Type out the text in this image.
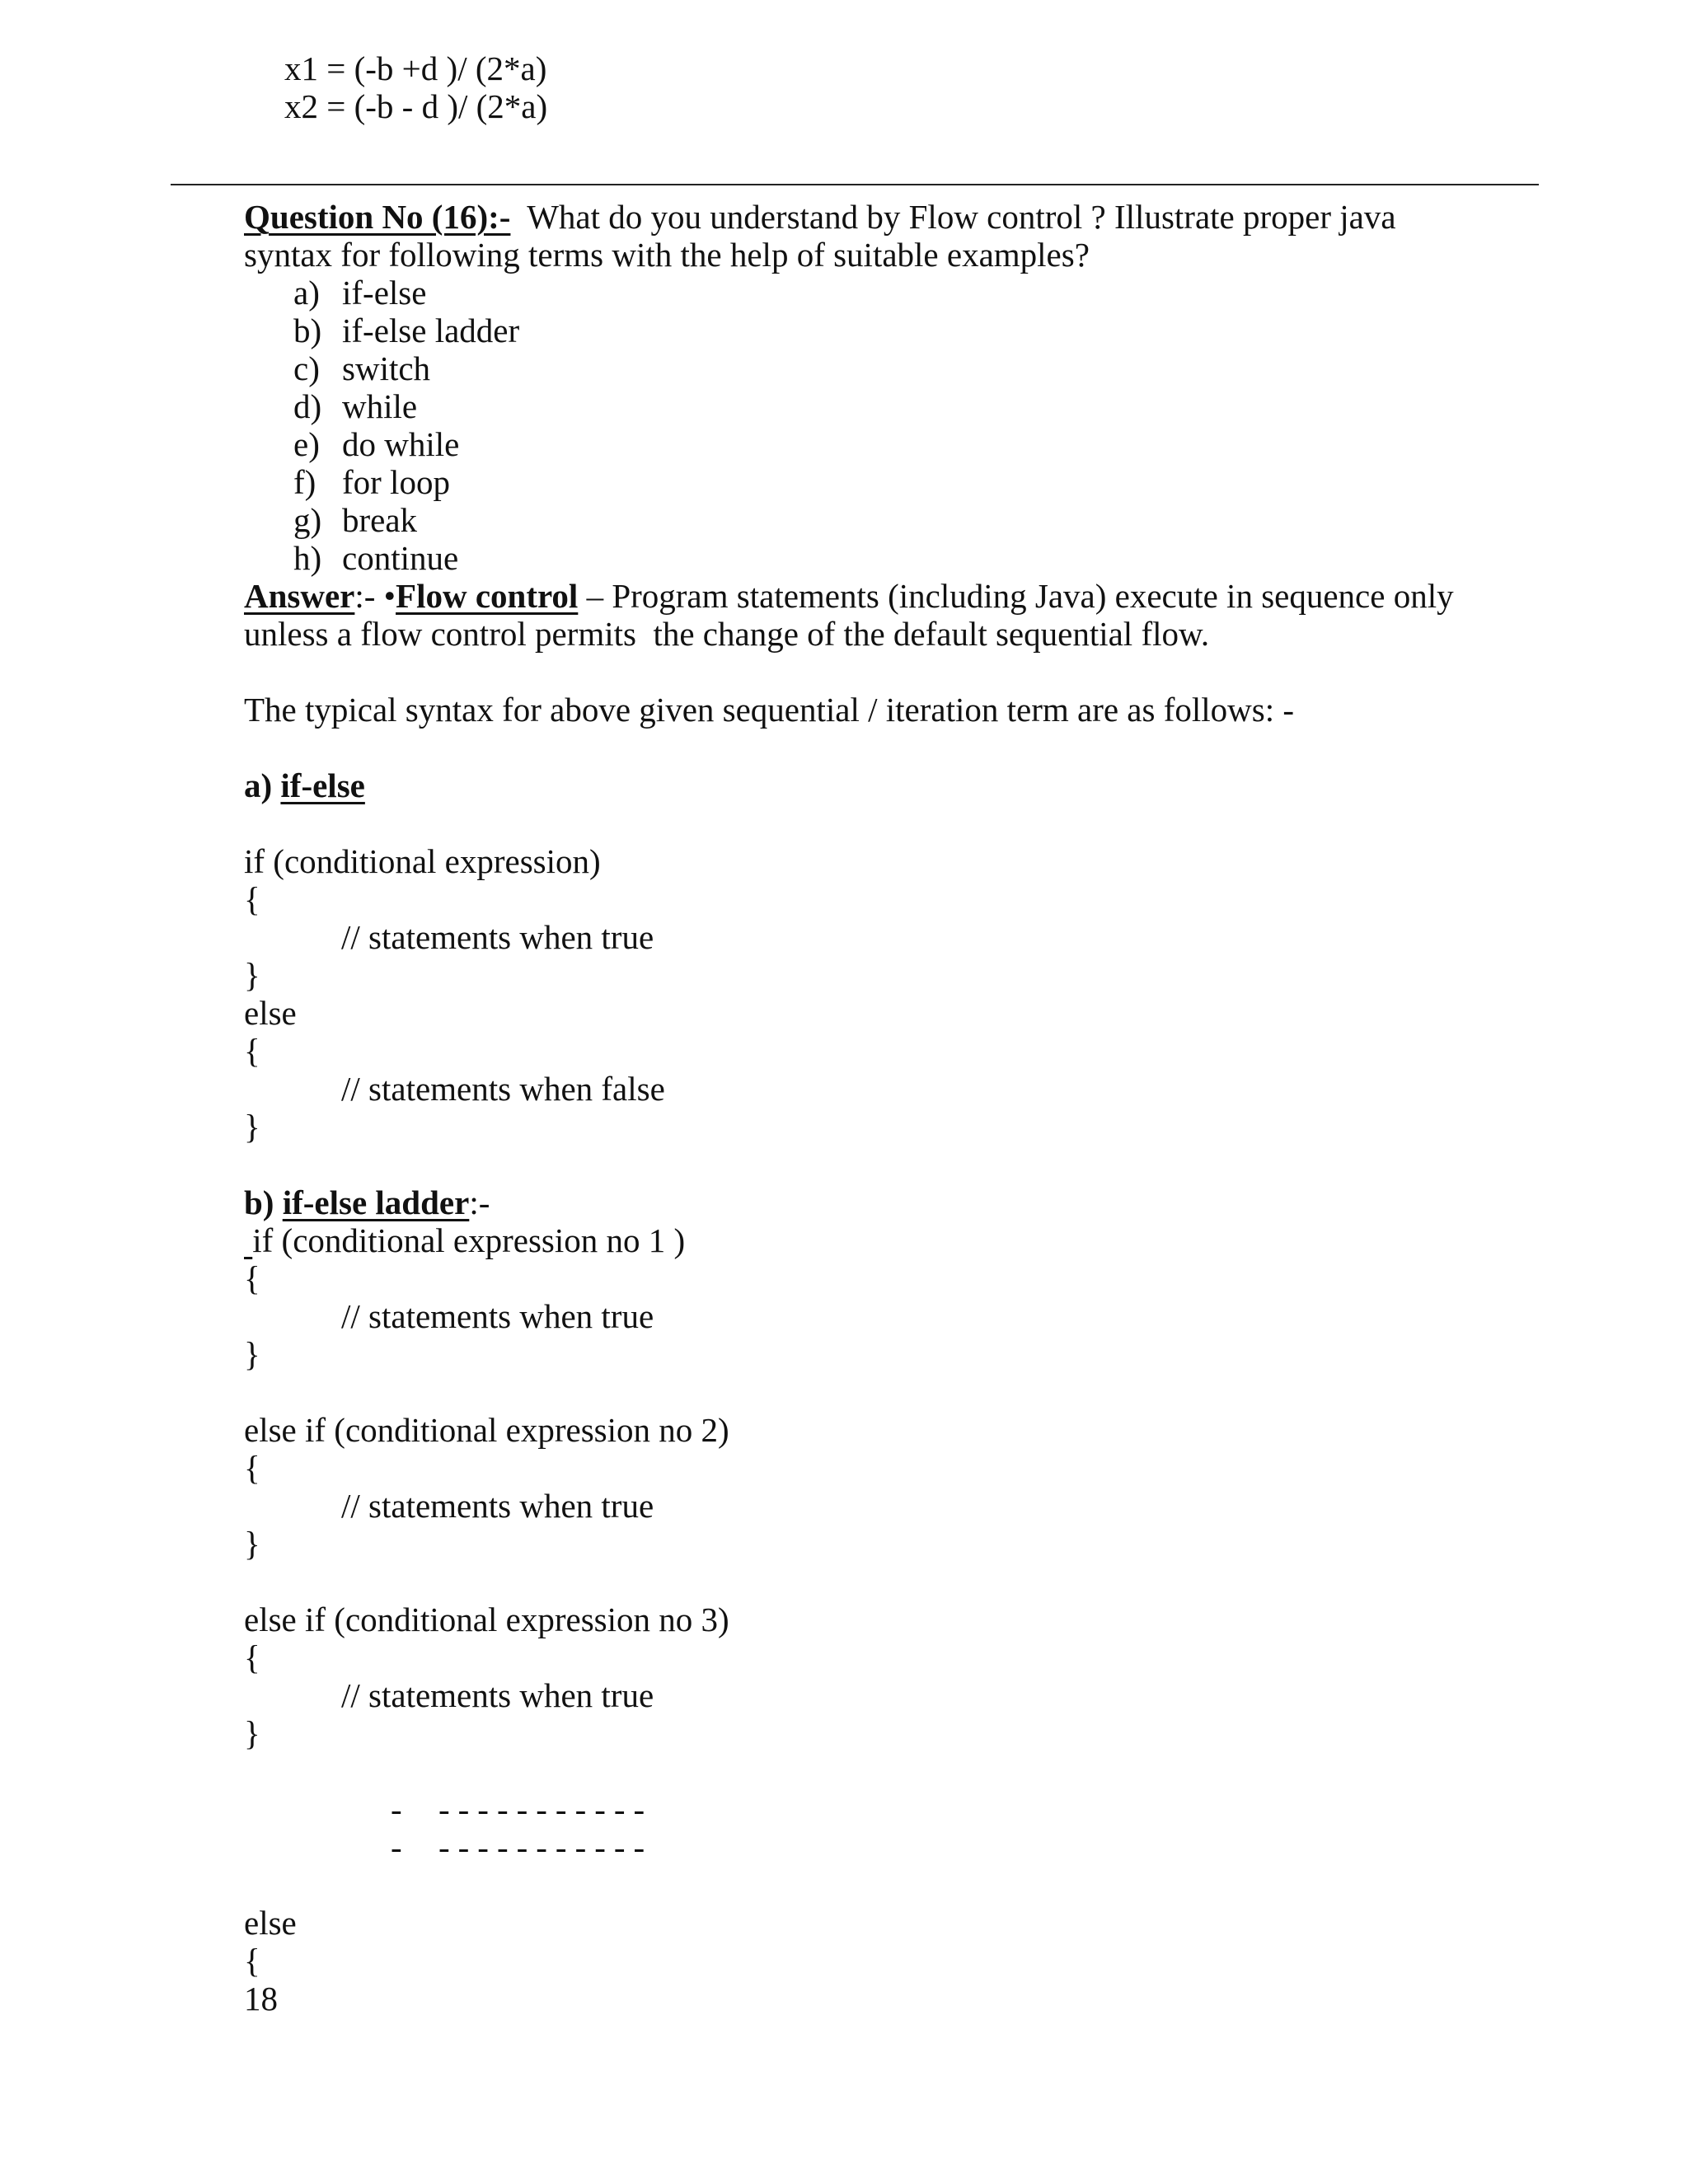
x1 = (-b +d )/ (2*a)
x2 = (-b - d )/ (2*a)
Question No (16):- What do you understand by Flow control ? Illustrate proper java
syntax for following terms with the help of suitable examples?
a) if-else
b) if-else ladder
c) switch
d) while
e) do while
f) for loop
g) break
h) continue
Answer:- •Flow control – Program statements (including Java) execute in sequence only
unless a flow control permits  the change of the default sequential flow.
The typical syntax for above given sequential / iteration term are as follows: -
a) if-else
if (conditional expression)
{
// statements when true
}
else
{
// statements when false
}
b) if-else ladder:-
if (conditional expression no 1 )
{
// statements when true
}
else if (conditional expression no 2)
{
// statements when true
}
else if (conditional expression no 3)
{
// statements when true
}
- -----------
- -----------
else
{
18
